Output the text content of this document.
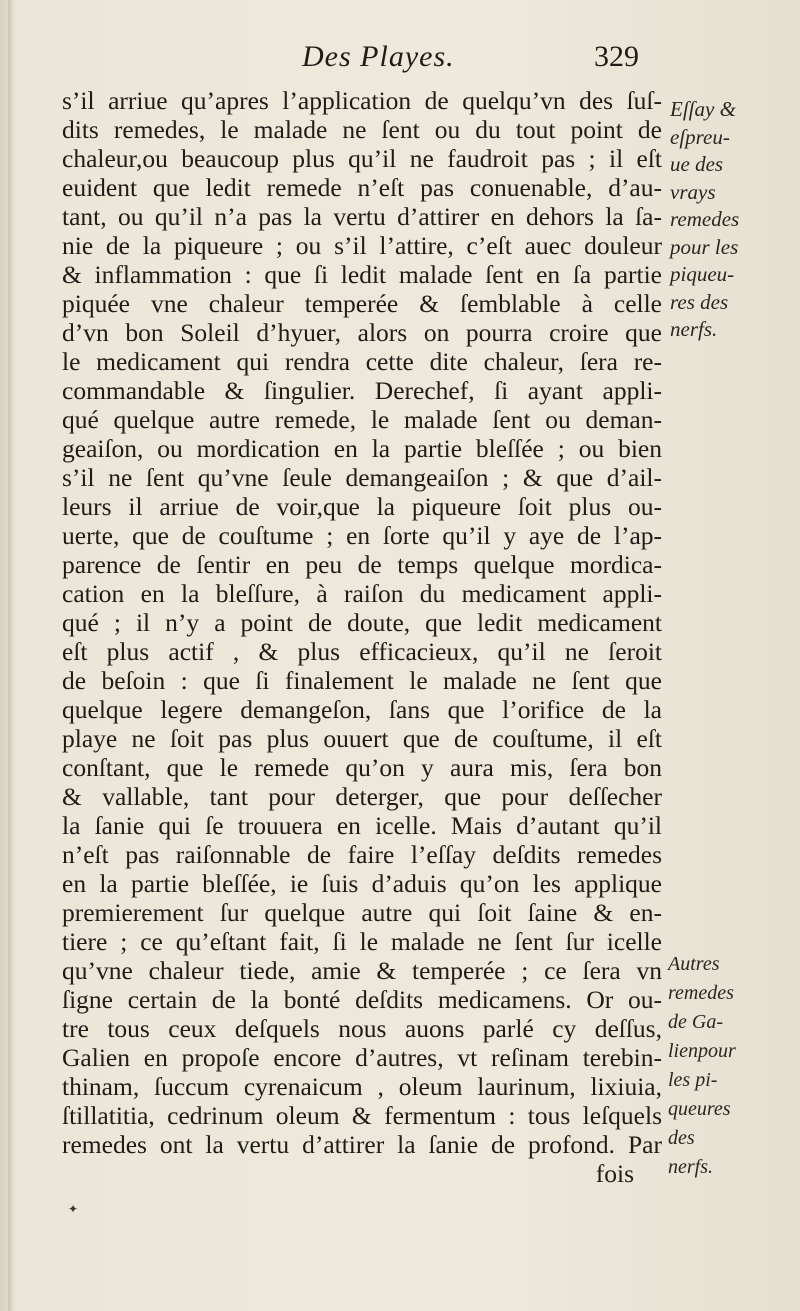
Des Playes.	329
s’il arriue qu’apres l’application de quelqu’vn des ſuſ-
dits remedes, le malade ne ſent ou du tout point de
chaleur,ou beaucoup plus qu’il ne faudroit pas ; il eſt
euident que ledit remede n’eſt pas conuenable, d’au-
tant, ou qu’il n’a pas la vertu d’attirer en dehors la ſa-
nie de la piqueure ; ou s’il l’attire, c’eſt auec douleur
& inflammation : que ſi ledit malade ſent en ſa partie
piquée vne chaleur temperée & ſemblable à celle
d’vn bon Soleil d’hyuer, alors on pourra croire que
le medicament qui rendra cette dite chaleur, ſera re-
commandable & ſingulier. Derechef, ſi ayant appli-
qué quelque autre remede, le malade ſent ou deman-
geaiſon, ou mordication en la partie bleſſée ; ou bien
s’il ne ſent qu’vne ſeule demangeaiſon ; & que d’ail-
leurs il arriue de voir,que la piqueure ſoit plus ou-
uerte, que de couſtume ; en ſorte qu’il y aye de l’ap-
parence de ſentir en peu de temps quelque mordica-
cation en la bleſſure, à raiſon du medicament appli-
qué ; il n’y a point de doute, que ledit medicament
eſt plus actif , & plus efficacieux, qu’il ne ſeroit
de beſoin : que ſi finalement le malade ne ſent que
quelque legere demangeſon, ſans que l’orifice de la
playe ne ſoit pas plus ouuert que de couſtume, il eſt
conſtant, que le remede qu’on y aura mis, ſera bon
& vallable, tant pour deterger, que pour deſſecher
la ſanie qui ſe trouuera en icelle. Mais d’autant qu’il
n’eſt pas raiſonnable de faire l’eſſay deſdits remedes
en la partie bleſſée, ie ſuis d’aduis qu’on les applique
premierement ſur quelque autre qui ſoit ſaine & en-
tiere ; ce qu’eſtant fait, ſi le malade ne ſent ſur icelle
qu’vne chaleur tiede, amie & temperée ; ce ſera vn
ſigne certain de la bonté deſdits medicamens. Or ou-
tre tous ceux deſquels nous auons parlé cy deſſus,
Galien en propoſe encore d’autres, vt reſinam terebin-
thinam, ſuccum cyrenaicum , oleum laurinum, lixiuia,
ſtillatitia, cedrinum oleum & fermentum : tous leſquels
remedes ont la vertu d’attirer la ſanie de profond. Par
fois
Eſſay &
eſpreu-
ue des
vrays
remedes
pour les
piqueu-
res des
nerfs.
Autres
remedes
de Ga-
lienpour
les pi-
queures
des
nerfs.
✦
